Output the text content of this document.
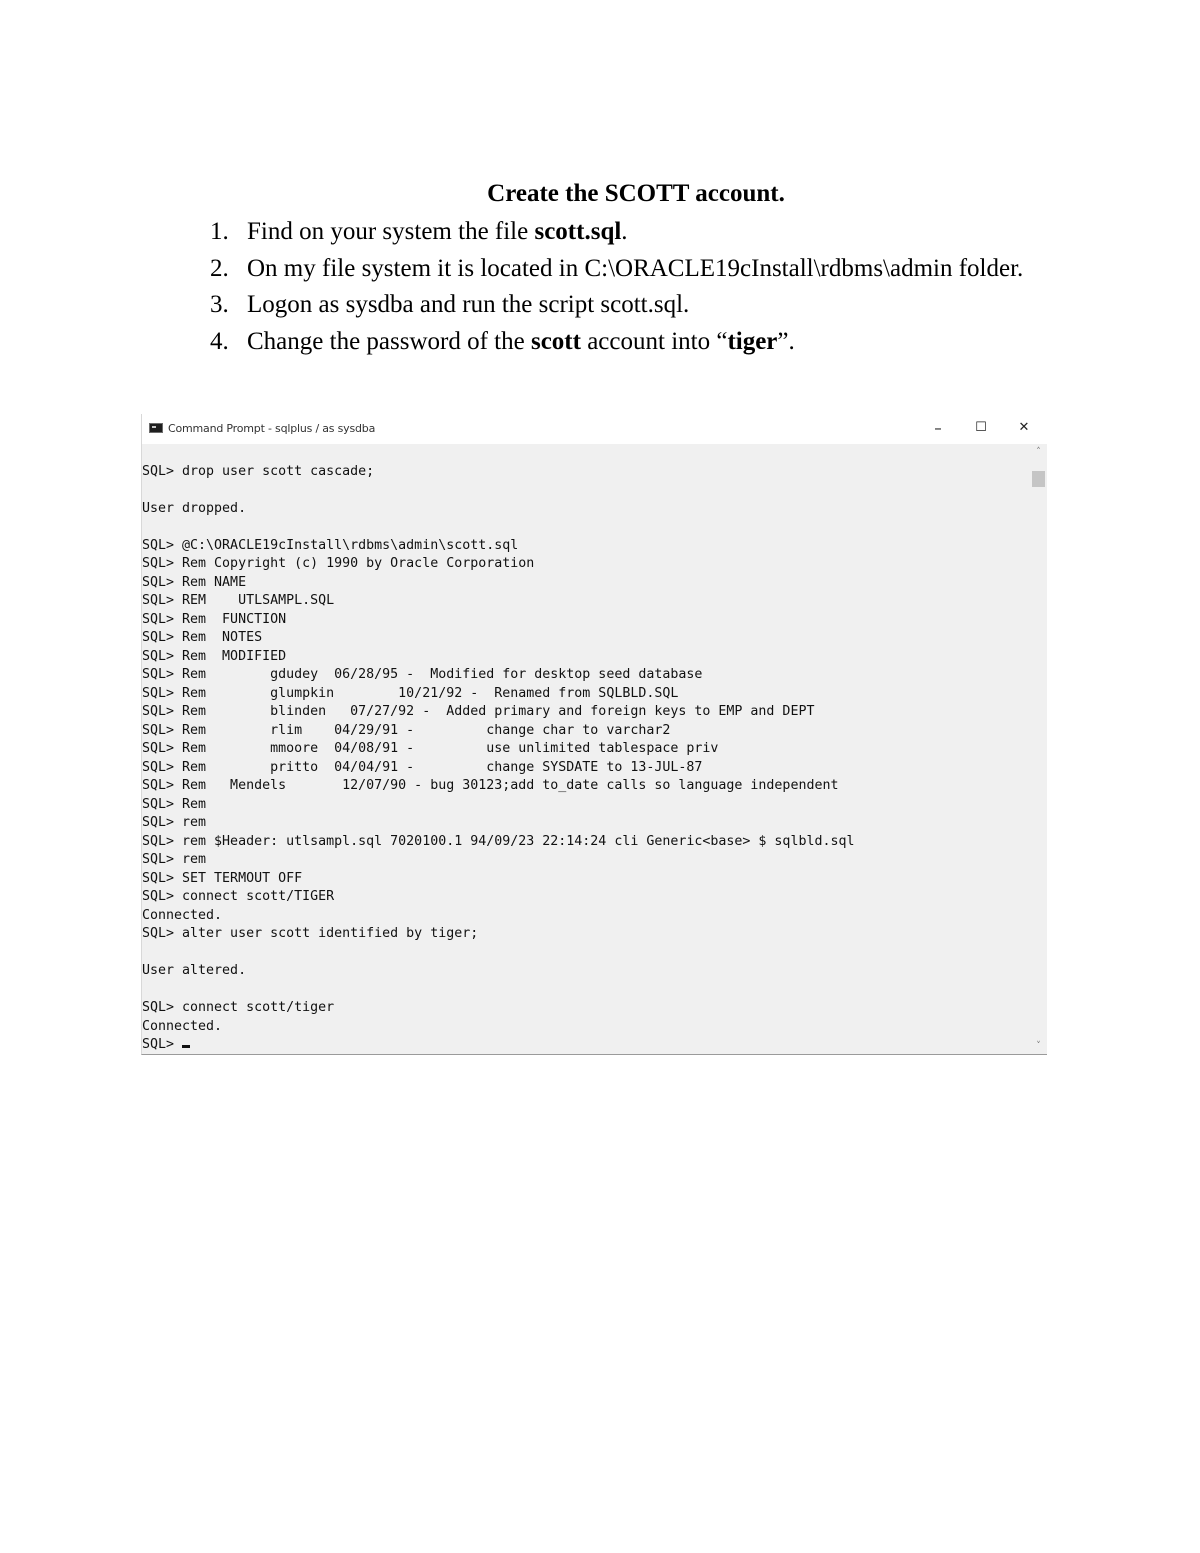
Create the SCOTT account.
1. Find on your system the file scott.sql.
2. On my file system it is located in C:\ORACLE19cInstall\rdbms\admin folder.
3. Logon as sysdba and run the script scott.sql.
4. Change the password of the scott account into “tiger”.
Command Prompt - sqlplus / as sysdba	–	☐	✕
SQL> drop user scott cascade;
User dropped.
SQL> @C:\ORACLE19cInstall\rdbms\admin\scott.sql
SQL> Rem Copyright (c) 1990 by Oracle Corporation
SQL> Rem NAME
SQL> REM    UTLSAMPL.SQL
SQL> Rem  FUNCTION
SQL> Rem  NOTES
SQL> Rem  MODIFIED
SQL> Rem        gdudey  06/28/95 -  Modified for desktop seed database
SQL> Rem        glumpkin        10/21/92 -  Renamed from SQLBLD.SQL
SQL> Rem        blinden   07/27/92 -  Added primary and foreign keys to EMP and DEPT
SQL> Rem        rlim    04/29/91 -         change char to varchar2
SQL> Rem        mmoore  04/08/91 -         use unlimited tablespace priv
SQL> Rem        pritto  04/04/91 -         change SYSDATE to 13-JUL-87
SQL> Rem   Mendels       12/07/90 - bug 30123;add to_date calls so language independent
SQL> Rem
SQL> rem
SQL> rem $Header: utlsampl.sql 7020100.1 94/09/23 22:14:24 cli Generic<base> $ sqlbld.sql
SQL> rem
SQL> SET TERMOUT OFF
SQL> connect scott/TIGER
Connected.
SQL> alter user scott identified by tiger;
User altered.
SQL> connect scott/tiger
Connected.
SQL>
˄
˅
